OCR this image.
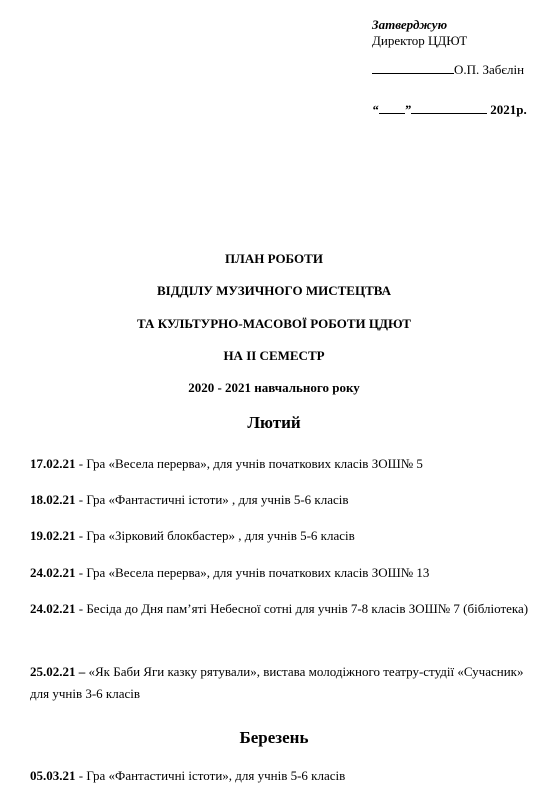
Затверджую
Директор ЦДЮТ
О.П. Забєлін
“ ”	2021р.
ПЛАН РОБОТИ
ВІДДІЛУ МУЗИЧНОГО МИСТЕЦТВА
ТА КУЛЬТУРНО-МАСОВОЇ РОБОТИ ЦДЮТ
НА ІІ СЕМЕСТР
2020 - 2021 навчального року
Лютий
17.02.21 - Гра «Весела перерва», для учнів початкових класів ЗОШ№ 5
18.02.21 - Гра «Фантастичні істоти» , для учнів 5-6 класів
19.02.21 - Гра «Зірковий блокбастер» , для учнів 5-6 класів
24.02.21 - Гра «Весела перерва», для учнів початкових класів ЗОШ№ 13
24.02.21 - Бесіда до Дня пам’яті Небесної сотні для учнів 7-8 класів ЗОШ№ 7 (бібліотека)
25.02.21 – «Як Баби Яги казку рятували», вистава молодіжного театру-студії «Сучасник» для учнів 3-6 класів
Березень
05.03.21 - Гра «Фантастичні істоти», для учнів 5-6 класів
